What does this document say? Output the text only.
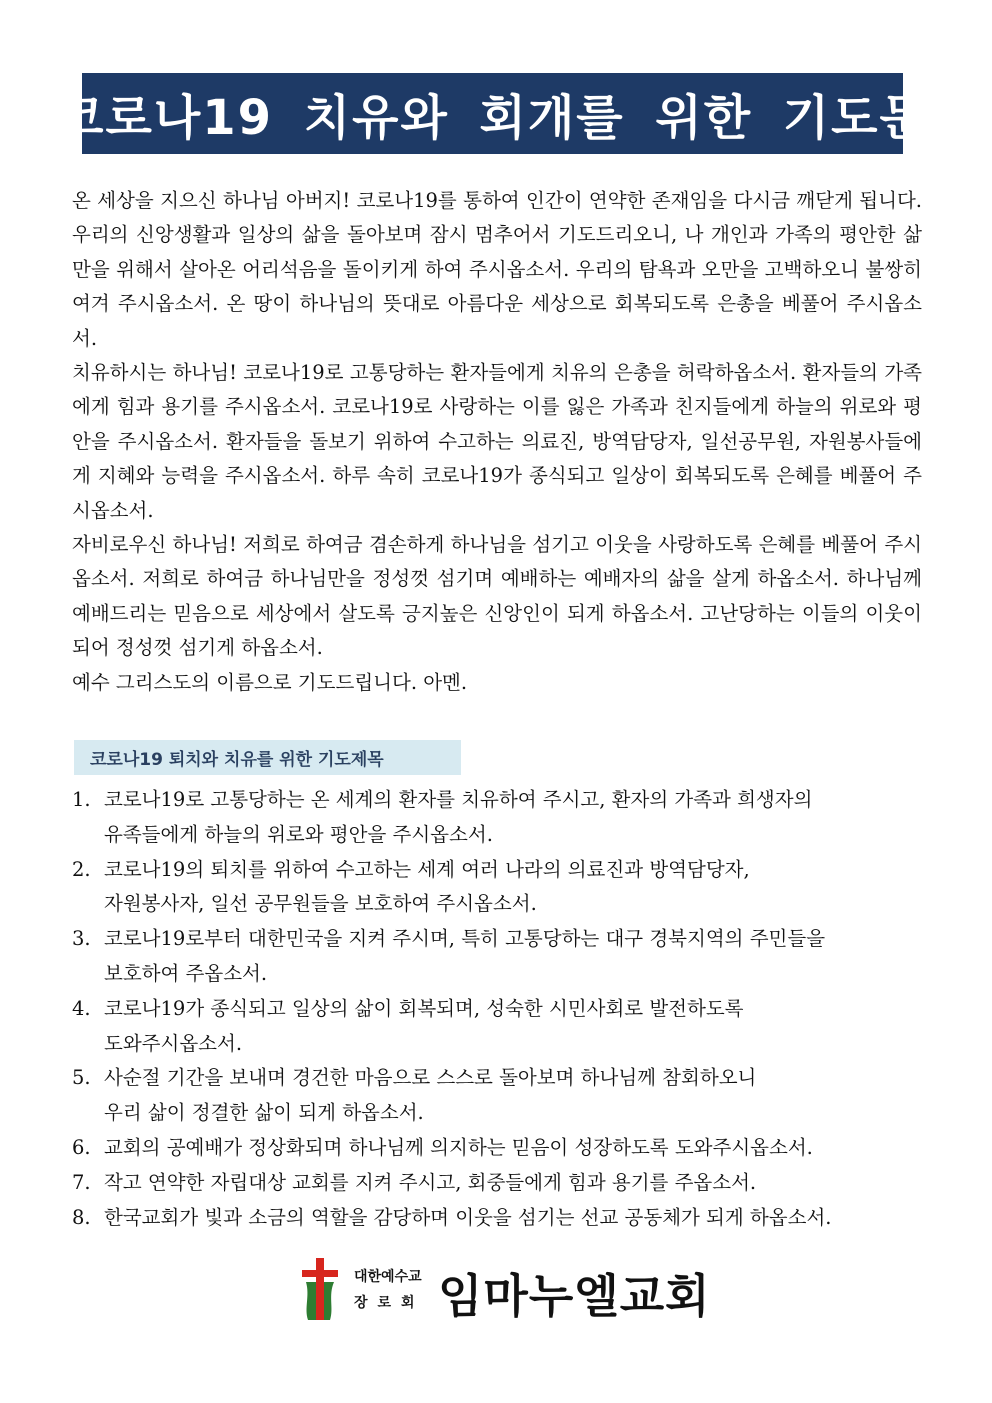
코로나19 치유와 회개를 위한 기도문

온 세상을 지으신 하나님 아버지! 코로나19를 통하여 인간이 연약한 존재임을 다시금 깨닫게 됩니다. 우리의 신앙생활과 일상의 삶을 돌아보며 잠시 멈추어서 기도드리오니, 나 개인과 가족의 평안한 삶만을 위해서 살아온 어리석음을 돌이키게 하여 주시옵소서. 우리의 탐욕과 오만을 고백하오니 불쌍히 여겨 주시옵소서. 온 땅이 하나님의 뜻대로 아름다운 세상으로 회복되도록 은총을 베풀어 주시옵소서.

치유하시는 하나님! 코로나19로 고통당하는 환자들에게 치유의 은총을 허락하옵소서. 환자들의 가족에게 힘과 용기를 주시옵소서. 코로나19로 사랑하는 이를 잃은 가족과 친지들에게 하늘의 위로와 평안을 주시옵소서. 환자들을 돌보기 위하여 수고하는 의료진, 방역담당자, 일선공무원, 자원봉사들에게 지혜와 능력을 주시옵소서. 하루 속히 코로나19가 종식되고 일상이 회복되도록 은혜를 베풀어 주시옵소서.

자비로우신 하나님! 저희로 하여금 겸손하게 하나님을 섬기고 이웃을 사랑하도록 은혜를 베풀어 주시옵소서. 저희로 하여금 하나님만을 정성껏 섬기며 예배하는 예배자의 삶을 살게 하옵소서. 하나님께 예배드리는 믿음으로 세상에서 살도록 긍지높은 신앙인이 되게 하옵소서. 고난당하는 이들의 이웃이 되어 정성껏 섬기게 하옵소서.

예수 그리스도의 이름으로 기도드립니다. 아멘.

코로나19 퇴치와 치유를 위한 기도제목
1. 코로나19로 고통당하는 온 세계의 환자를 치유하여 주시고, 환자의 가족과 희생자의
유족들에게 하늘의 위로와 평안을 주시옵소서.
2. 코로나19의 퇴치를 위하여 수고하는 세계 여러 나라의 의료진과 방역담당자,
자원봉사자, 일선 공무원들을 보호하여 주시옵소서.
3. 코로나19로부터 대한민국을 지켜 주시며, 특히 고통당하는 대구 경북지역의 주민들을
보호하여 주옵소서.
4. 코로나19가 종식되고 일상의 삶이 회복되며, 성숙한 시민사회로 발전하도록
도와주시옵소서.
5. 사순절 기간을 보내며 경건한 마음으로 스스로 돌아보며 하나님께 참회하오니
우리 삶이 정결한 삶이 되게 하옵소서.
6. 교회의 공예배가 정상화되며 하나님께 의지하는 믿음이 성장하도록 도와주시옵소서.
7. 작고 연약한 자립대상 교회를 지켜 주시고, 회중들에게 힘과 용기를 주옵소서.
8. 한국교회가 빛과 소금의 역할을 감당하며 이웃을 섬기는 선교 공동체가 되게 하옵소서.
대한예수교
장로회 임마누엘교회
